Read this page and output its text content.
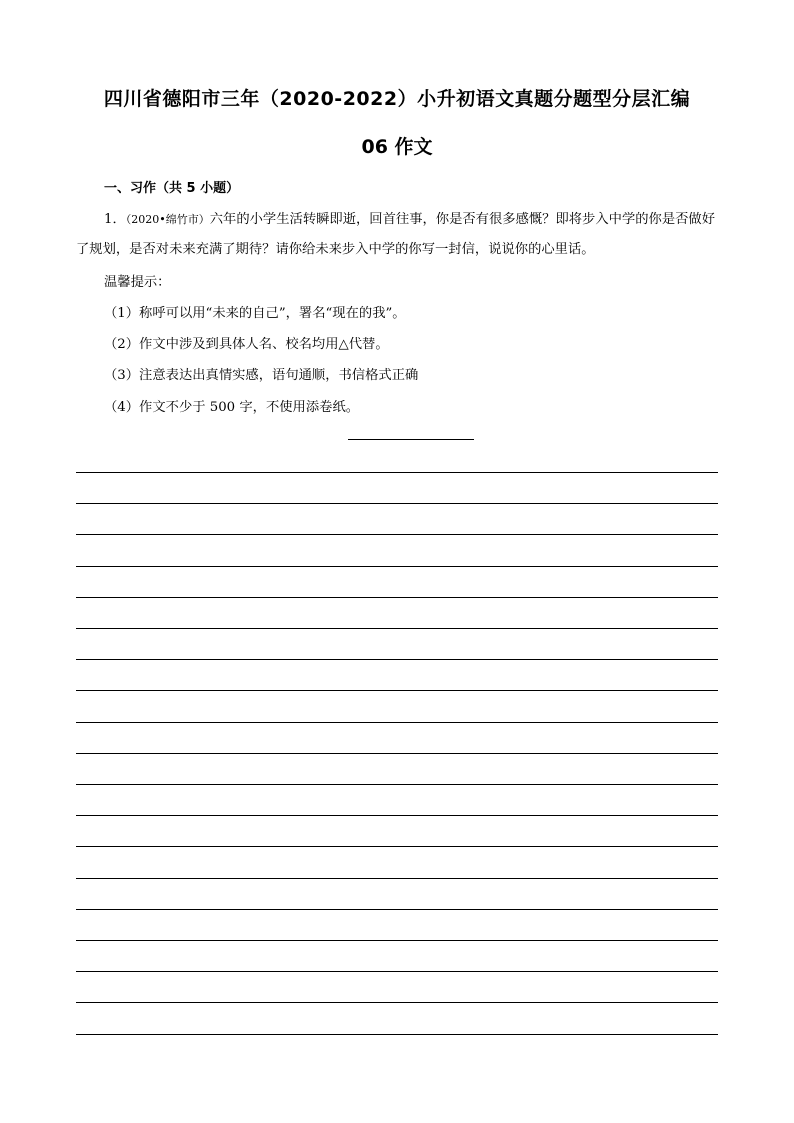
四川省德阳市三年（2020-2022）小升初语文真题分题型分层汇编
06 作文
一、习作（共 5 小题）
1．（2020•绵竹市）六年的小学生活转瞬即逝，回首往事，你是否有很多感慨？即将步入中学的你是否做好了规划，是否对未来充满了期待？请你给未来步入中学的你写一封信，说说你的心里话。
温馨提示：
（1）称呼可以用“未来的自己”，署名“现在的我”。
（2）作文中涉及到具体人名、校名均用△代替。
（3）注意表达出真情实感，语句通顺，书信格式正确
（4）作文不少于 500 字，不使用添卷纸。
